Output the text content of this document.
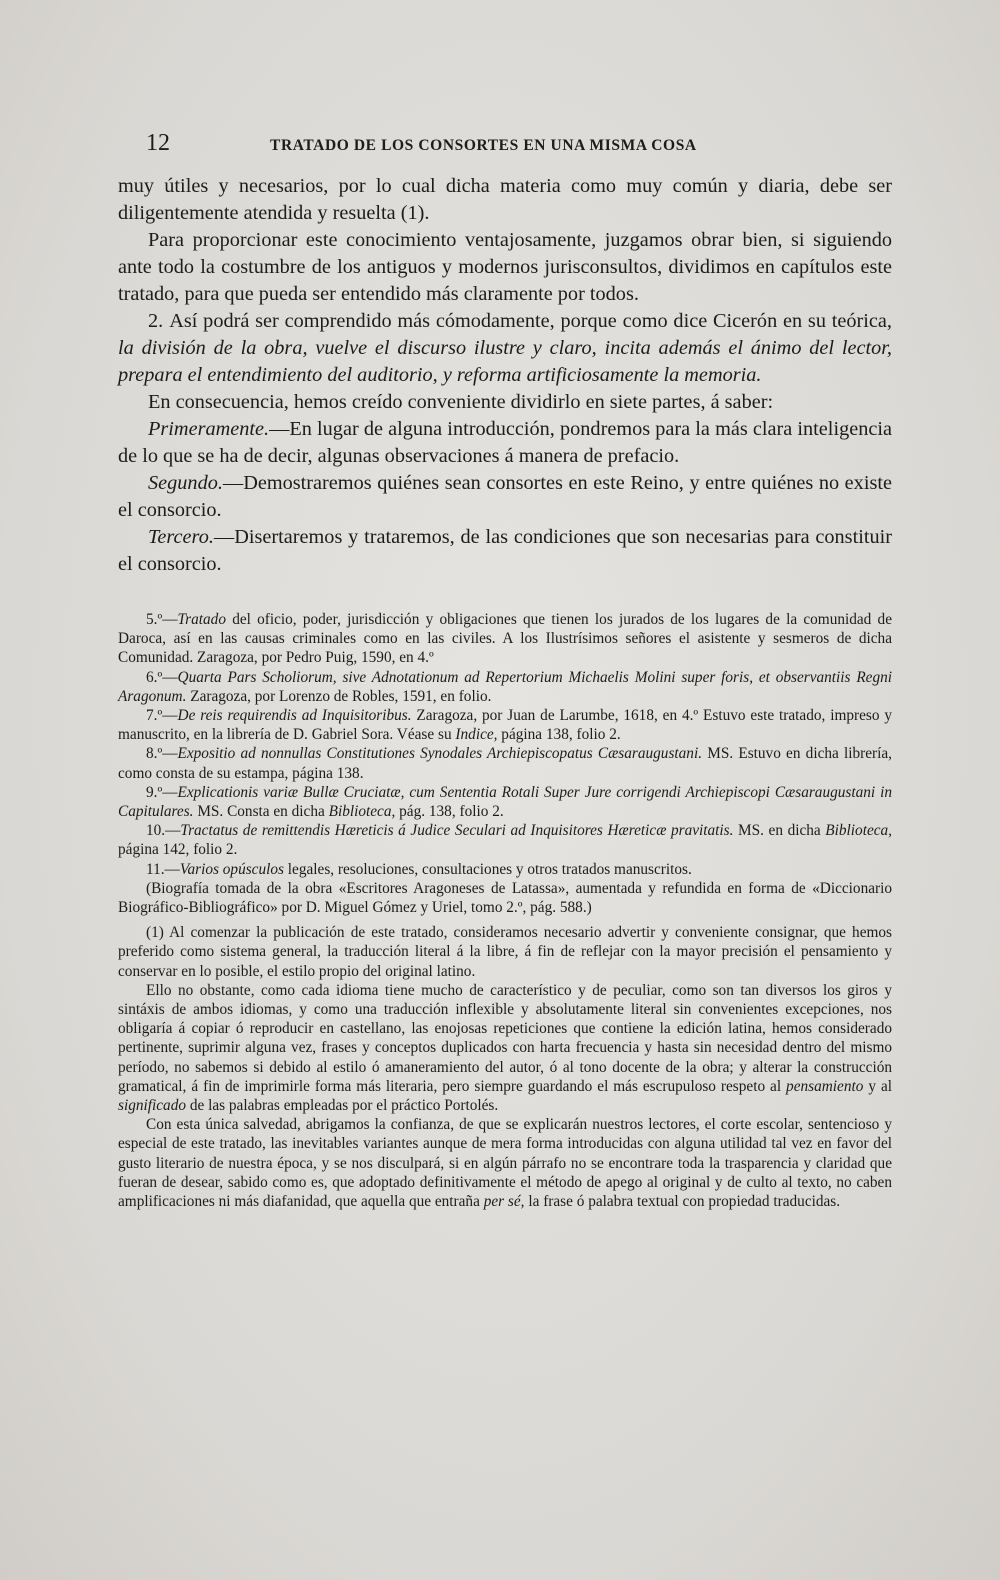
12	TRATADO DE LOS CONSORTES EN UNA MISMA COSA

muy útiles y necesarios, por lo cual dicha materia como muy común y diaria, debe ser diligentemente atendida y resuelta (1).

Para proporcionar este conocimiento ventajosamente, juzgamos obrar bien, si siguiendo ante todo la costumbre de los antiguos y modernos jurisconsultos, dividimos en capítulos este tratado, para que pueda ser entendido más claramente por todos.

2. Así podrá ser comprendido más cómodamente, porque como dice Cicerón en su teórica, la división de la obra, vuelve el discurso ilustre y claro, incita además el ánimo del lector, prepara el entendimiento del auditorio, y reforma artificiosamente la memoria.

En consecuencia, hemos creído conveniente dividirlo en siete partes, á saber:

Primeramente.—En lugar de alguna introducción, pondremos para la más clara inteligencia de lo que se ha de decir, algunas observaciones á manera de prefacio.

Segundo.—Demostraremos quiénes sean consortes en este Reino, y entre quiénes no existe el consorcio.

Tercero.—Disertaremos y trataremos, de las condiciones que son necesarias para constituir el consorcio.

5.º—Tratado del oficio, poder, jurisdicción y obligaciones que tienen los jurados de los lugares de la comunidad de Daroca, así en las causas criminales como en las civiles. A los Ilustrísimos señores el asistente y sesmeros de dicha Comunidad. Zaragoza, por Pedro Puig, 1590, en 4.º

6.º—Quarta Pars Scholiorum, sive Adnotationum ad Repertorium Michaelis Molini super foris, et observantiis Regni Aragonum. Zaragoza, por Lorenzo de Robles, 1591, en folio.

7.º—De reis requirendis ad Inquisitoribus. Zaragoza, por Juan de Larumbe, 1618, en 4.º Estuvo este tratado, impreso y manuscrito, en la librería de D. Gabriel Sora. Véase su Indice, página 138, folio 2.

8.º—Expositio ad nonnullas Constitutiones Synodales Archiepiscopatus Cæsaraugustani. MS. Estuvo en dicha librería, como consta de su estampa, página 138.

9.º—Explicationis variæ Bullæ Cruciatæ, cum Sententia Rotali Super Jure corrigendi Archiepiscopi Cæsaraugustani in Capitulares. MS. Consta en dicha Biblioteca, pág. 138, folio 2.

10.—Tractatus de remittendis Hæreticis á Judice Seculari ad Inquisitores Hæreticæ pravitatis. MS. en dicha Biblioteca, página 142, folio 2.

11.—Varios opúsculos legales, resoluciones, consultaciones y otros tratados manuscritos.

(Biografía tomada de la obra «Escritores Aragoneses de Latassa», aumentada y refundida en forma de «Diccionario Biográfico-Bibliográfico» por D. Miguel Gómez y Uriel, tomo 2.º, pág. 588.)

(1) Al comenzar la publicación de este tratado, consideramos necesario advertir y conveniente consignar, que hemos preferido como sistema general, la traducción literal á la libre, á fin de reflejar con la mayor precisión el pensamiento y conservar en lo posible, el estilo propio del original latino.

Ello no obstante, como cada idioma tiene mucho de característico y de peculiar, como son tan diversos los giros y sintáxis de ambos idiomas, y como una traducción inflexible y absolutamente literal sin convenientes excepciones, nos obligaría á copiar ó reproducir en castellano, las enojosas repeticiones que contiene la edición latina, hemos considerado pertinente, suprimir alguna vez, frases y conceptos duplicados con harta frecuencia y hasta sin necesidad dentro del mismo período, no sabemos si debido al estilo ó amaneramiento del autor, ó al tono docente de la obra; y alterar la construcción gramatical, á fin de imprimirle forma más literaria, pero siempre guardando el más escrupuloso respeto al pensamiento y al significado de las palabras empleadas por el práctico Portolés.

Con esta única salvedad, abrigamos la confianza, de que se explicarán nuestros lectores, el corte escolar, sentencioso y especial de este tratado, las inevitables variantes aunque de mera forma introducidas con alguna utilidad tal vez en favor del gusto literario de nuestra época, y se nos disculpará, si en algún párrafo no se encontrare toda la trasparencia y claridad que fueran de desear, sabido como es, que adoptado definitivamente el método de apego al original y de culto al texto, no caben amplificaciones ni más diafanidad, que aquella que entraña per sé, la frase ó palabra textual con propiedad traducidas.
